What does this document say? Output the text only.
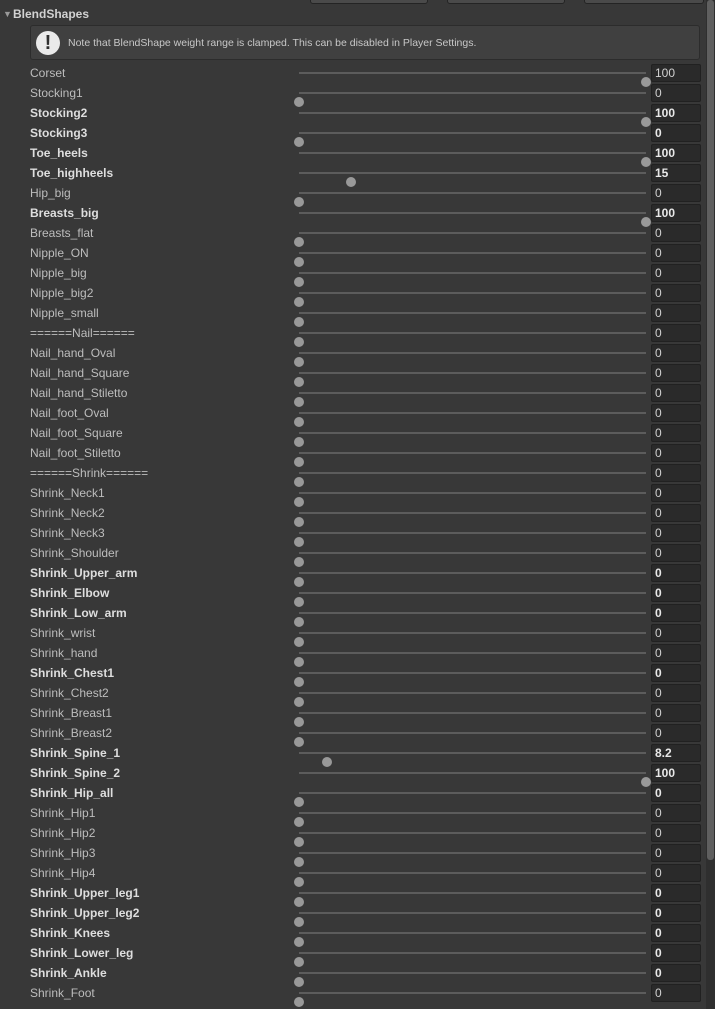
▼ BlendShapes
!	Note that BlendShape weight range is clamped. This can be disabled in Player Settings.
Corset	100
Stocking1	0
Stocking2	100
Stocking3	0
Toe_heels	100
Toe_highheels	15
Hip_big	0
Breasts_big	100
Breasts_flat	0
Nipple_ON	0
Nipple_big	0
Nipple_big2	0
Nipple_small	0
======Nail======	0
Nail_hand_Oval	0
Nail_hand_Square	0
Nail_hand_Stiletto	0
Nail_foot_Oval	0
Nail_foot_Square	0
Nail_foot_Stiletto	0
======Shrink======	0
Shrink_Neck1	0
Shrink_Neck2	0
Shrink_Neck3	0
Shrink_Shoulder	0
Shrink_Upper_arm	0
Shrink_Elbow	0
Shrink_Low_arm	0
Shrink_wrist	0
Shrink_hand	0
Shrink_Chest1	0
Shrink_Chest2	0
Shrink_Breast1	0
Shrink_Breast2	0
Shrink_Spine_1	8.2
Shrink_Spine_2	100
Shrink_Hip_all	0
Shrink_Hip1	0
Shrink_Hip2	0
Shrink_Hip3	0
Shrink_Hip4	0
Shrink_Upper_leg1	0
Shrink_Upper_leg2	0
Shrink_Knees	0
Shrink_Lower_leg	0
Shrink_Ankle	0
Shrink_Foot	0
